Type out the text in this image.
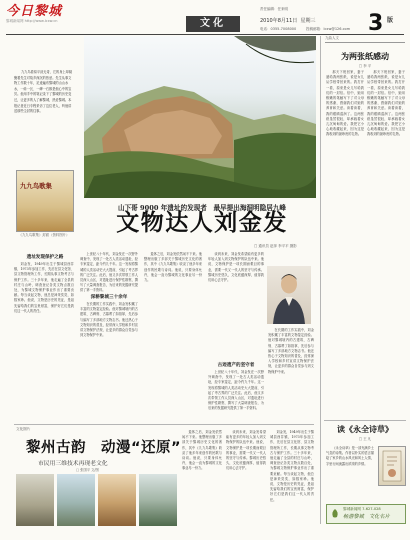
今日黎城
黎城新闻网 http://www.lcxw.cn	文化
责任编辑：任来明
电话：0355-7008000	投稿邮箱：lcxw@126.com
2010年8月11日 星期三 3 版
九九鸟看似平淡无奇，它的身上却凝聚着先生对故乡深沉的热爱。先生从事文物工作数十年，足迹遍布黎城的山山水水，一砖一瓦、一碑一石都是他心中的宝贝。他用手中的笔记录下了黎城的历史变迁，让更多的人了解黎城，热爱黎城。本报记者近日专程采访了这位老人，听他讲述那些尘封的往事。
九九鸟歌集
《九九鸟歌集》封面（资料图片）
山下哥 9000 年遗址的发现者　最早提出海洞明隐居九峰
文物达人刘金发
□ 通讯员 赵萍 李平平 摄影
遗址发现保护之路

刘金发，1949年出生于黎城县西井镇，1973年参加工作，先后在县文化馆、县文物管理所工作，长期从事文物考古与保护工作。三十多年来，他走遍了全县的村庄与山岭，调查登记各类文物点数百处，为黎城文物保护事业作出了重要贡献。每当谈起文物，他总是神采奕奕，如数家珍。他说，文物是历史的见证，是祖先留给我们的宝贵财富，保护好它们是我们这一代人的责任。

上世纪八十年代，刘金发在一次野外调查中，发现了一处古人类活动遗址，经专家鉴定，距今约九千年。这一发现将黎城的人类活动史大大提前，引起了考古界的广泛关注。此后，他又多次带领工作人员深入山区，对遗址进行保护性勘察，撰写了大量调查报告，为后来的发掘研究提供了第一手资料。

深耕黎城三十余年

在长期的工作实践中，刘金发积累了丰富的文物鉴定经验。他对黎城境内的古建筑、古碑刻、古墓葬了如指掌，先后参与编写了多部地方文物志书。他还热心于文物知识的普及，经常深入学校和乡村宣讲文物保护法规，让更多的群众自觉参与到文物保护中来。

退休之后，刘金发依然闲不下来。他整理出版了多部关于黎城历史文化的著作，其中《九九鸟歌集》收录了他多年来创作的民歌与诗词。他说，只要身体允许，他会一直为黎城的文化事业尽一份力。

谈到未来，刘金发希望能有更多的年轻人加入到文物保护的队伍中来。他说，文物保护是一项长期而艰巨的事业，需要一代又一代人的坚守与传承。黎城历史悠久，文化底蕴深厚，值得我们用心去守护。

古迹遗产的坚守者

上世纪八十年代，刘金发在一次野外调查中，发现了一处古人类活动遗址，经专家鉴定，距今约九千年。这一发现将黎城的人类活动史大大提前，引起了考古界的广泛关注。此后，他又多次带领工作人员深入山区，对遗址进行保护性勘察，撰写了大量调查报告，为后来的发掘研究提供了第一手资料。

在长期的工作实践中，刘金发积累了丰富的文物鉴定经验。他对黎城境内的古建筑、古碑刻、古墓葬了如指掌，先后参与编写了多部地方文物志书。他还热心于文物知识的普及，经常深入学校和乡村宣讲文物保护法规，让更多的群众自觉参与到文物保护中来。

九曲人文
为两张纸感动
□ 李 平

那天下班回家，妻子递给我两张纸，说是女儿从学校带回来的。我打开一看，原来是女儿写给我们的一封信。信中，她用稚嫩的笔触写下了对父母的感谢，感谢我们对她的养育和关爱。读着读着，我的眼睛湿润了。这两张纸虽然很轻，却承载着女儿沉甸甸的爱。我把它小心地收藏起来，因为这是我收到的最珍贵的礼物。

那天下班回家，妻子递给我两张纸，说是女儿从学校带回来的。我打开一看，原来是女儿写给我们的一封信。信中，她用稚嫩的笔触写下了对父母的感谢，感谢我们对她的养育和关爱。读着读着，我的眼睛湿润了。这两张纸虽然很轻，却承载着女儿沉甸甸的爱。我把它小心地收藏起来，因为这是我收到的最珍贵的礼物。

读《永全诗草》
□ 王 凡

《永全诗草》是一部充满乡土气息的诗集。作者以朴实的语言描绘了家乡的山水风光和风土人情，字里行间流露出浓浓的乡情。

文化图片
黎州古韵　动漫“还原”
市民用三维技术再现老文化
□ 张国平 文/图

退休之后，刘金发依然闲不下来。他整理出版了多部关于黎城历史文化的著作，其中《九九鸟歌集》收录了他多年来创作的民歌与诗词。他说，只要身体允许，他会一直为黎城的文化事业尽一份力。

谈到未来，刘金发希望能有更多的年轻人加入到文物保护的队伍中来。他说，文物保护是一项长期而艰巨的事业，需要一代又一代人的坚守与传承。黎城历史悠久，文化底蕴深厚，值得我们用心去守护。

刘金发，1949年出生于黎城县西井镇，1973年参加工作，先后在县文化馆、县文物管理所工作，长期从事文物考古与保护工作。三十多年来，他走遍了全县的村庄与山岭，调查登记各类文物点数百处，为黎城文物保护事业作出了重要贡献。每当谈起文物，他总是神采奕奕，如数家珍。他说，文物是历史的见证，是祖先留给我们的宝贵财富，保护好它们是我们这一代人的责任。

黎城新闻网 7-627-028
畅游黎城　文化名片
